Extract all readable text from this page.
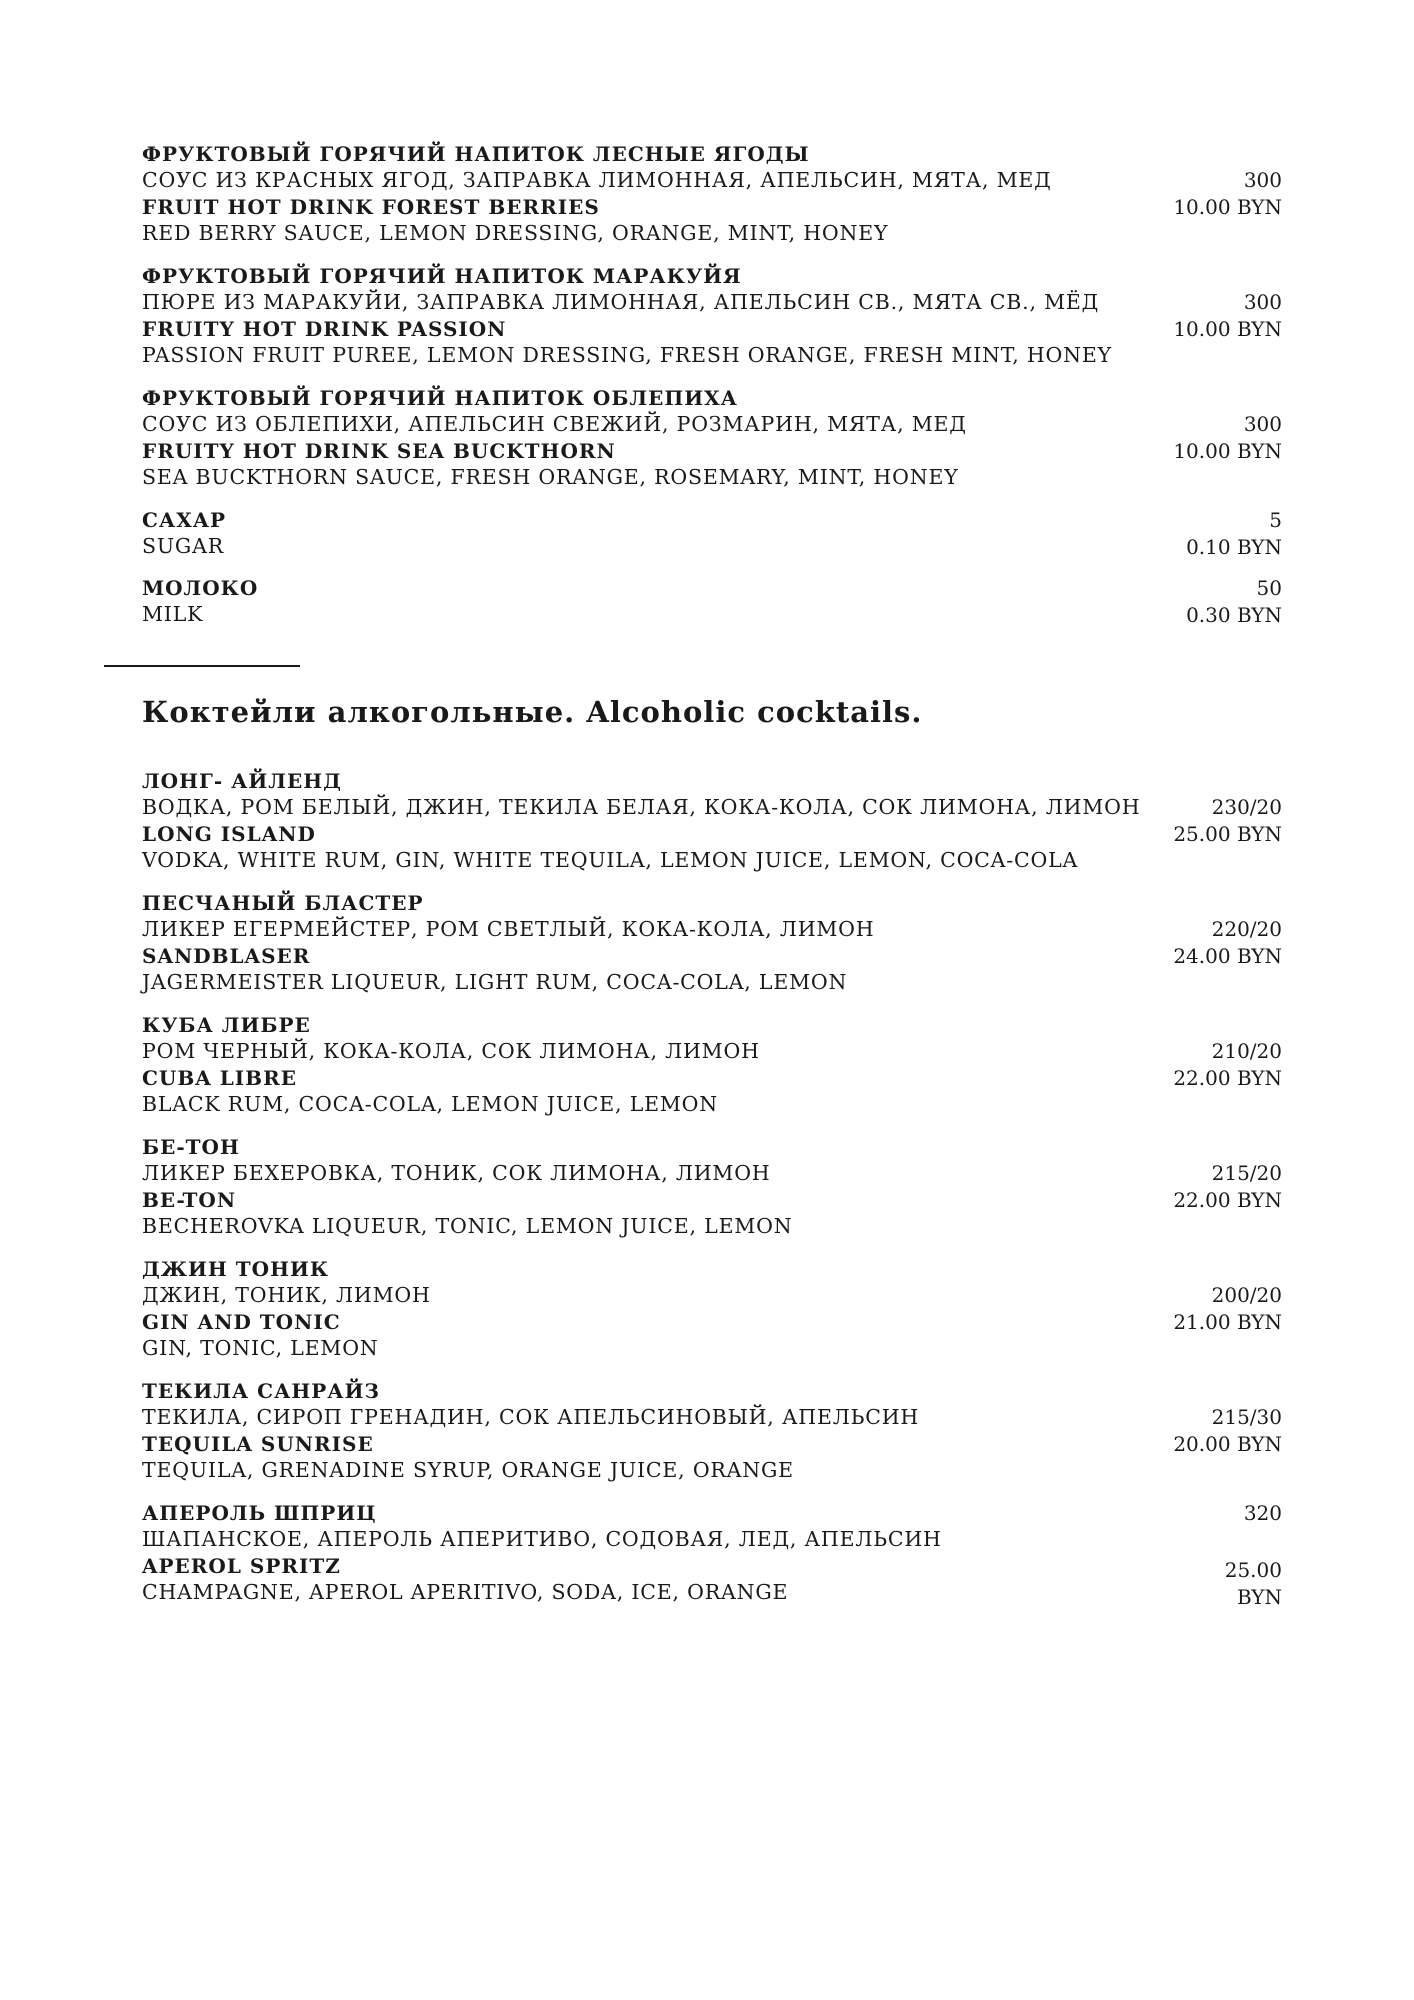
ФРУКТОВЫЙ ГОРЯЧИЙ НАПИТОК ЛЕСНЫЕ ЯГОДЫ
СОУС ИЗ КРАСНЫХ ЯГОД, ЗАПРАВКА ЛИМОННАЯ, АПЕЛЬСИН, МЯТА, МЕД
FRUIT HOT DRINK FOREST BERRIES
RED BERRY SAUCE, LEMON DRESSING, ORANGE, MINT, HONEY
300
10.00 BYN
ФРУКТОВЫЙ ГОРЯЧИЙ НАПИТОК МАРАКУЙЯ
ПЮРЕ ИЗ МАРАКУЙИ, ЗАПРАВКА ЛИМОННАЯ, АПЕЛЬСИН СВ., МЯТА СВ., МЁД
FRUITY HOT DRINK PASSION
PASSION FRUIT PUREE, LEMON DRESSING, FRESH ORANGE, FRESH MINT, HONEY
300
10.00 BYN
ФРУКТОВЫЙ ГОРЯЧИЙ НАПИТОК ОБЛЕПИХА
СОУС ИЗ ОБЛЕПИХИ, АПЕЛЬСИН СВЕЖИЙ, РОЗМАРИН, МЯТА, МЕД
FRUITY HOT DRINK SEA BUCKTHORN
SEA BUCKTHORN SAUCE, FRESH ORANGE, ROSEMARY, MINT, HONEY
300
10.00 BYN
САХАР
SUGAR
5
0.10 BYN
МОЛОКО
MILK
50
0.30 BYN
Коктейли алкогольные. Alcoholic cocktails.
ЛОНГ- АЙЛЕНД
ВОДКА, РОМ БЕЛЫЙ, ДЖИН, ТЕКИЛА БЕЛАЯ, КОКА-КОЛА, СОК ЛИМОНА, ЛИМОН
LONG ISLAND
VODKA, WHITE RUM, GIN, WHITE TEQUILA, LEMON JUICE, LEMON, COCA-COLA
230/20
25.00 BYN
ПЕСЧАНЫЙ БЛАСТЕР
ЛИКЕР ЕГЕРМЕЙСТЕР, РОМ СВЕТЛЫЙ, КОКА-КОЛА, ЛИМОН
SANDBLASER
JAGERMEISTER LIQUEUR, LIGHT RUM, COCA-COLA, LEMON
220/20
24.00 BYN
КУБА ЛИБРЕ
РОМ ЧЕРНЫЙ, КОКА-КОЛА, СОК ЛИМОНА, ЛИМОН
CUBA LIBRE
BLACK RUM, COCA-COLA, LEMON JUICE, LEMON
210/20
22.00 BYN
БЕ-ТОН
ЛИКЕР БЕХЕРОВКА, ТОНИК, СОК ЛИМОНА, ЛИМОН
BE-TON
BECHEROVKA LIQUEUR, TONIC, LEMON JUICE, LEMON
215/20
22.00 BYN
ДЖИН ТОНИК
ДЖИН, ТОНИК, ЛИМОН
GIN AND TONIC
GIN, TONIC, LEMON
200/20
21.00 BYN
ТЕКИЛА САНРАЙЗ
ТЕКИЛА, СИРОП ГРЕНАДИН, СОК АПЕЛЬСИНОВЫЙ, АПЕЛЬСИН
TEQUILA SUNRISE
TEQUILA, GRENADINE SYRUP, ORANGE JUICE, ORANGE
215/30
20.00 BYN
АПЕРОЛЬ ШПРИЦ
ШАПАНСКОЕ, АПЕРОЛЬ АПЕРИТИВО, СОДОВАЯ, ЛЕД, АПЕЛЬСИН
APEROL SPRITZ
CHAMPAGNE, APEROL APERITIVO, SODA, ICE, ORANGE
320
25.00
BYN
